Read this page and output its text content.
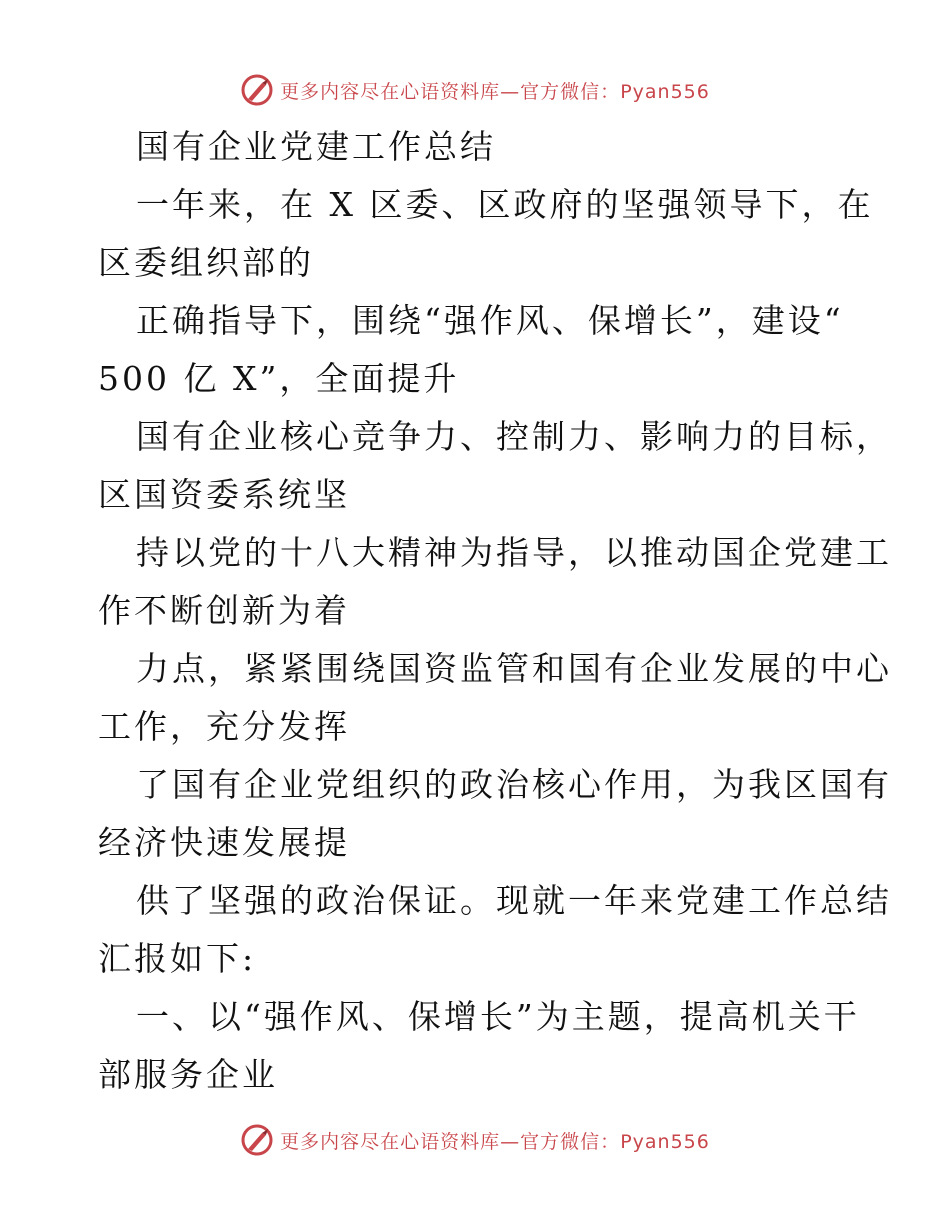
更多内容尽在心语资料库—官方微信：Pyan556
国有企业党建工作总结
一年来，在 X 区委、区政府的坚强领导下，在
区委组织部的
正确指导下，围绕“强作风、保增长”，建设“
500 亿 X”，全面提升
国有企业核心竞争力、控制力、影响力的目标，
区国资委系统坚
持以党的十八大精神为指导，以推动国企党建工
作不断创新为着
力点，紧紧围绕国资监管和国有企业发展的中心
工作，充分发挥
了国有企业党组织的政治核心作用，为我区国有
经济快速发展提
供了坚强的政治保证。现就一年来党建工作总结
汇报如下:
一、以“强作风、保增长”为主题，提高机关干
部服务企业
更多内容尽在心语资料库—官方微信：Pyan556
